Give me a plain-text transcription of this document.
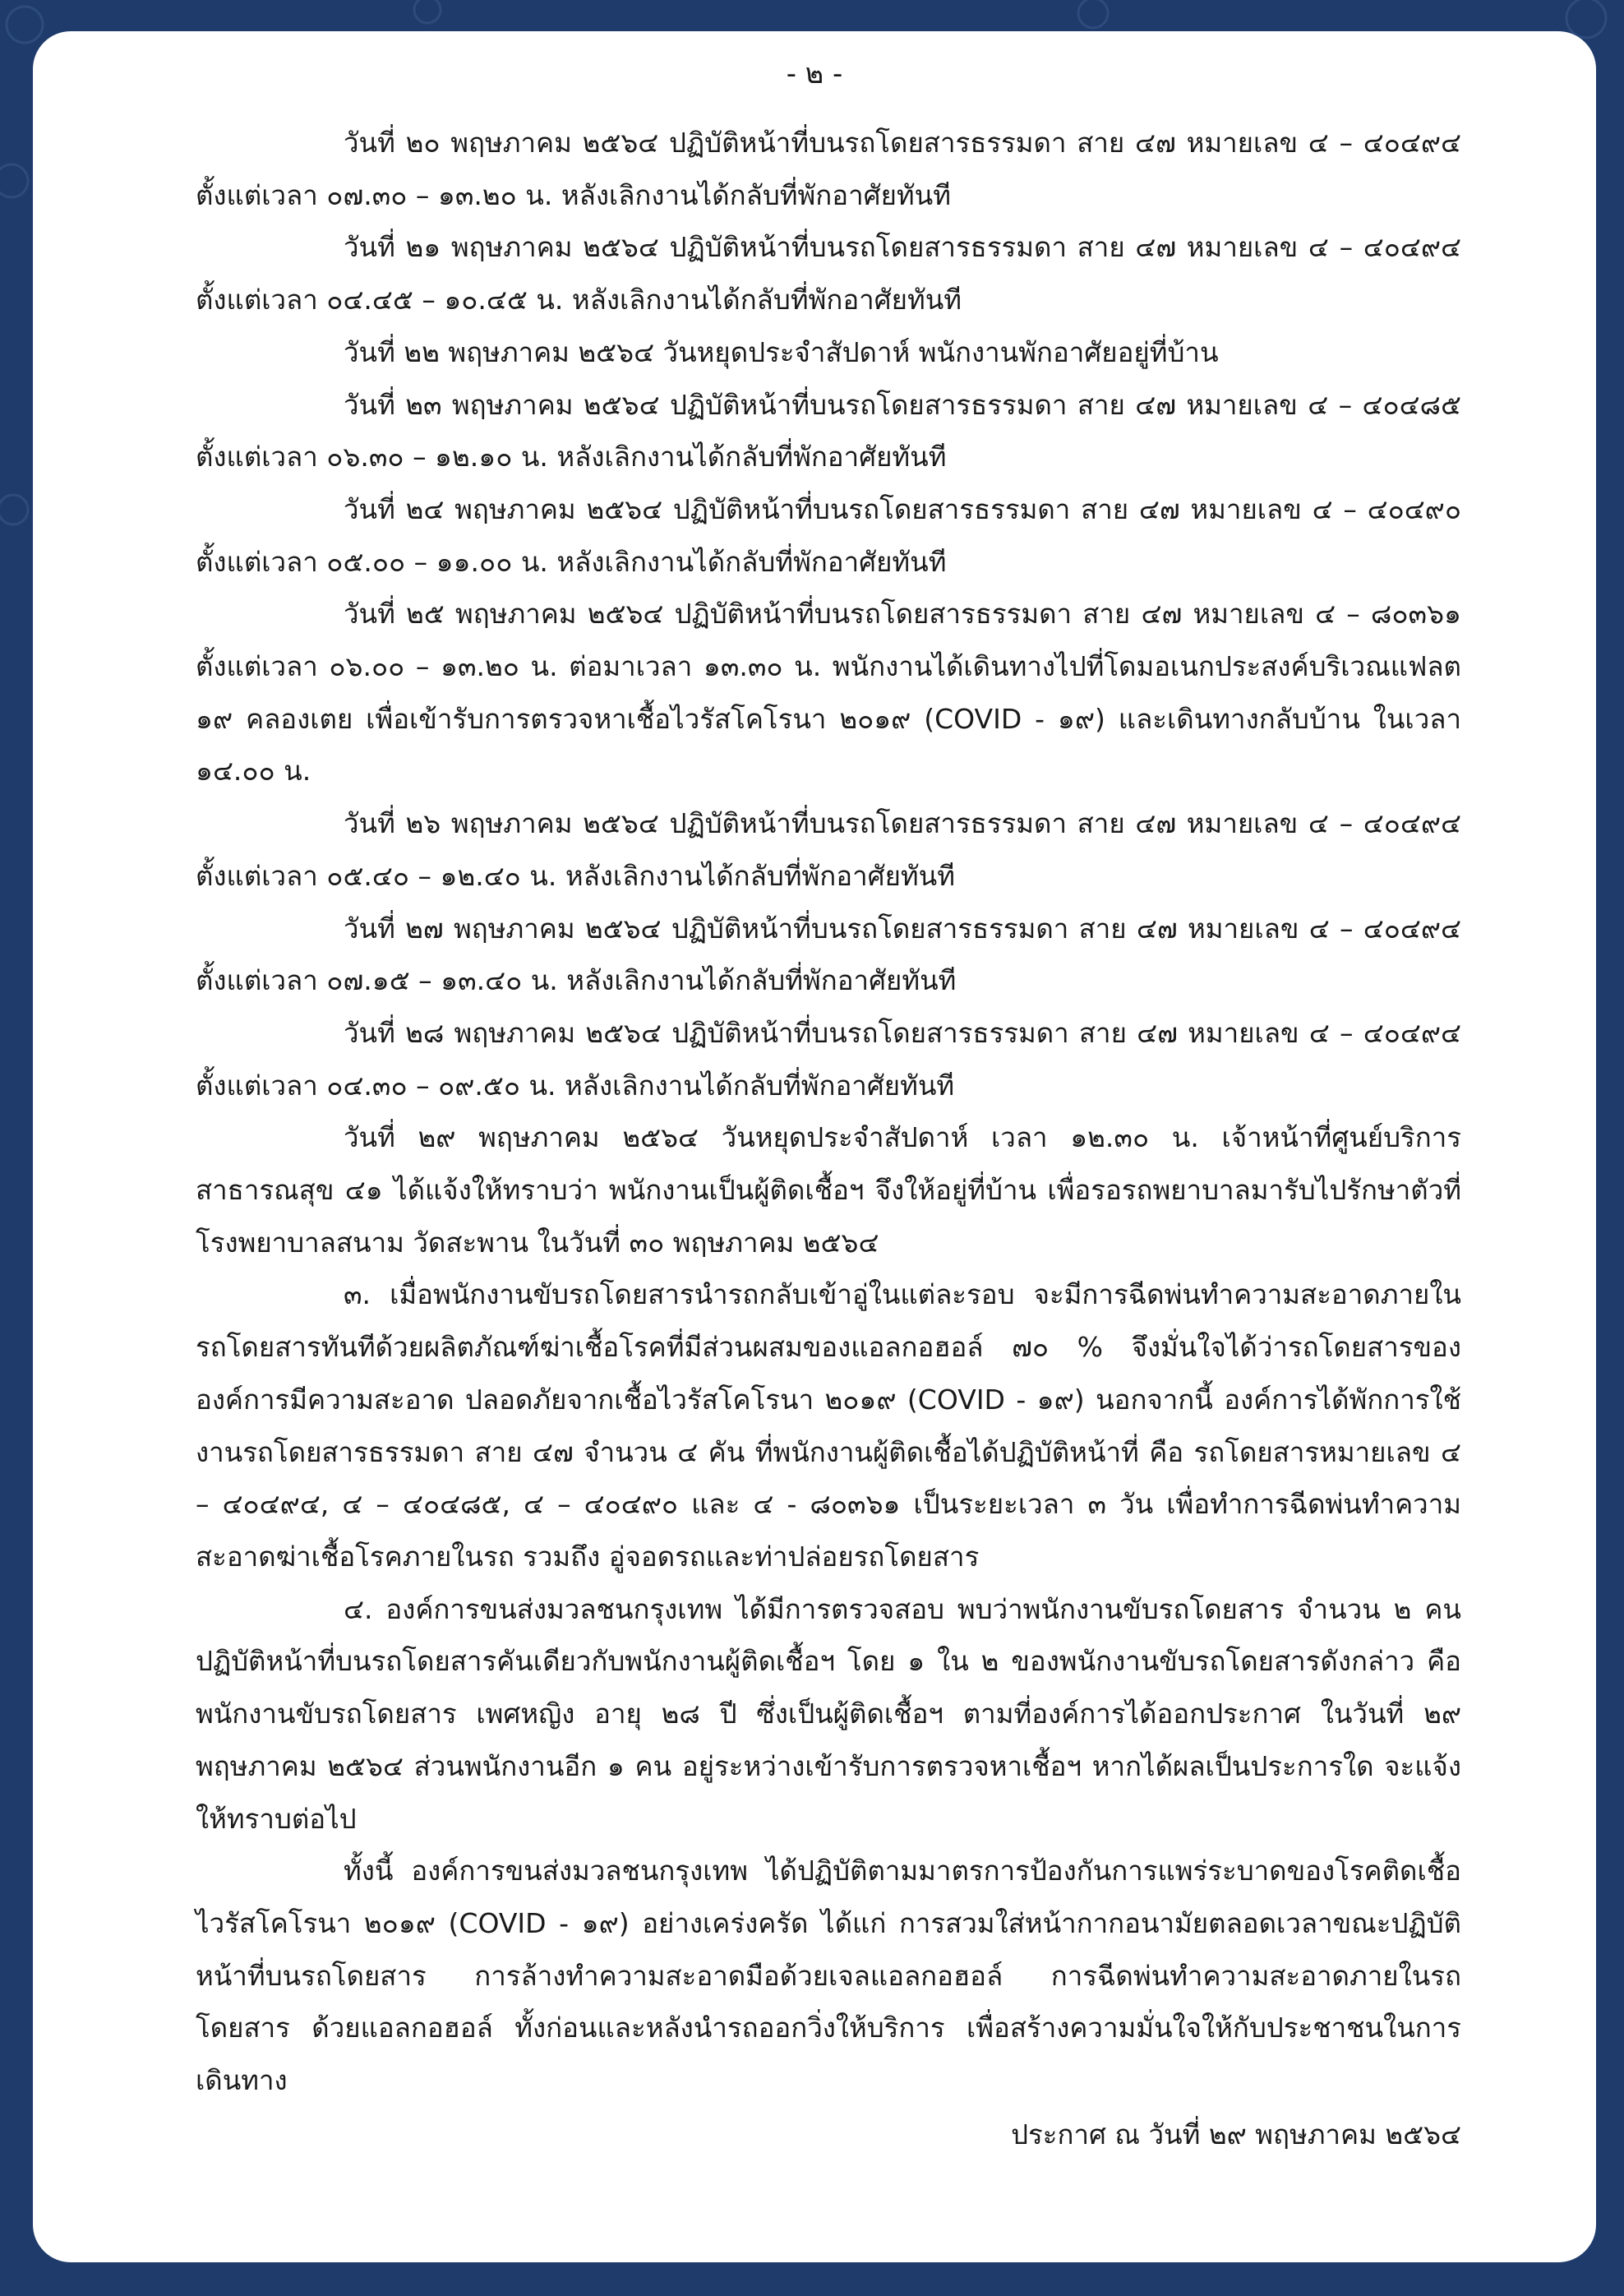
- ๒ -

วันที่ ๒๐ พฤษภาคม ๒๕๖๔ ปฏิบัติหน้าที่บนรถโดยสารธรรมดา สาย ๔๗ หมายเลข ๔ – ๔๐๔๙๔ ตั้งแต่เวลา ๐๗.๓๐ – ๑๓.๒๐ น. หลังเลิกงานได้กลับที่พักอาศัยทันที

วันที่ ๒๑ พฤษภาคม ๒๕๖๔ ปฏิบัติหน้าที่บนรถโดยสารธรรมดา สาย ๔๗ หมายเลข ๔ – ๔๐๔๙๔ ตั้งแต่เวลา ๐๔.๔๕ – ๑๐.๔๕ น. หลังเลิกงานได้กลับที่พักอาศัยทันที

วันที่ ๒๒ พฤษภาคม ๒๕๖๔ วันหยุดประจำสัปดาห์ พนักงานพักอาศัยอยู่ที่บ้าน

วันที่ ๒๓ พฤษภาคม ๒๕๖๔ ปฏิบัติหน้าที่บนรถโดยสารธรรมดา สาย ๔๗ หมายเลข ๔ – ๔๐๔๘๕ ตั้งแต่เวลา ๐๖.๓๐ – ๑๒.๑๐ น. หลังเลิกงานได้กลับที่พักอาศัยทันที

วันที่ ๒๔ พฤษภาคม ๒๕๖๔ ปฏิบัติหน้าที่บนรถโดยสารธรรมดา สาย ๔๗ หมายเลข ๔ – ๔๐๔๙๐ ตั้งแต่เวลา ๐๕.๐๐ – ๑๑.๐๐ น. หลังเลิกงานได้กลับที่พักอาศัยทันที

วันที่ ๒๕ พฤษภาคม ๒๕๖๔ ปฏิบัติหน้าที่บนรถโดยสารธรรมดา สาย ๔๗ หมายเลข ๔ – ๘๐๓๖๑ ตั้งแต่เวลา ๐๖.๐๐ – ๑๓.๒๐ น. ต่อมาเวลา ๑๓.๓๐ น. พนักงานได้เดินทางไปที่โดมอเนกประสงค์บริเวณแฟลต ๑๙ คลองเตย เพื่อเข้ารับการตรวจหาเชื้อไวรัสโคโรนา ๒๐๑๙ (COVID - ๑๙) และเดินทางกลับบ้าน ในเวลา ๑๔.๐๐ น.

วันที่ ๒๖ พฤษภาคม ๒๕๖๔ ปฏิบัติหน้าที่บนรถโดยสารธรรมดา สาย ๔๗ หมายเลข ๔ – ๔๐๔๙๔ ตั้งแต่เวลา ๐๕.๔๐ – ๑๒.๔๐ น. หลังเลิกงานได้กลับที่พักอาศัยทันที

วันที่ ๒๗ พฤษภาคม ๒๕๖๔ ปฏิบัติหน้าที่บนรถโดยสารธรรมดา สาย ๔๗ หมายเลข ๔ – ๔๐๔๙๔ ตั้งแต่เวลา ๐๗.๑๕ – ๑๓.๔๐ น. หลังเลิกงานได้กลับที่พักอาศัยทันที

วันที่ ๒๘ พฤษภาคม ๒๕๖๔ ปฏิบัติหน้าที่บนรถโดยสารธรรมดา สาย ๔๗ หมายเลข ๔ – ๔๐๔๙๔ ตั้งแต่เวลา ๐๔.๓๐ – ๐๙.๕๐ น. หลังเลิกงานได้กลับที่พักอาศัยทันที

วันที่ ๒๙ พฤษภาคม ๒๕๖๔ วันหยุดประจำสัปดาห์ เวลา ๑๒.๓๐ น. เจ้าหน้าที่ศูนย์บริการสาธารณสุข ๔๑ ได้แจ้งให้ทราบว่า พนักงานเป็นผู้ติดเชื้อฯ จึงให้อยู่ที่บ้าน เพื่อรอรถพยาบาลมารับไปรักษาตัวที่โรงพยาบาลสนาม วัดสะพาน ในวันที่ ๓๐ พฤษภาคม ๒๕๖๔

๓. เมื่อพนักงานขับรถโดยสารนำรถกลับเข้าอู่ในแต่ละรอบ จะมีการฉีดพ่นทำความสะอาดภายในรถโดยสารทันทีด้วยผลิตภัณฑ์ฆ่าเชื้อโรคที่มีส่วนผสมของแอลกอฮอล์ ๗๐ % จึงมั่นใจได้ว่ารถโดยสารขององค์การมีความสะอาด ปลอดภัยจากเชื้อไวรัสโคโรนา ๒๐๑๙ (COVID - ๑๙) นอกจากนี้ องค์การได้พักการใช้งานรถโดยสารธรรมดา สาย ๔๗ จำนวน ๔ คัน ที่พนักงานผู้ติดเชื้อได้ปฏิบัติหน้าที่ คือ รถโดยสารหมายเลข ๔ – ๔๐๔๙๔, ๔ – ๔๐๔๘๕, ๔ – ๔๐๔๙๐ และ ๔ - ๘๐๓๖๑ เป็นระยะเวลา ๓ วัน เพื่อทำการฉีดพ่นทำความสะอาดฆ่าเชื้อโรคภายในรถ รวมถึง อู่จอดรถและท่าปล่อยรถโดยสาร

๔. องค์การขนส่งมวลชนกรุงเทพ ได้มีการตรวจสอบ พบว่าพนักงานขับรถโดยสาร จำนวน ๒ คน ปฏิบัติหน้าที่บนรถโดยสารคันเดียวกับพนักงานผู้ติดเชื้อฯ โดย ๑ ใน ๒ ของพนักงานขับรถโดยสารดังกล่าว คือ พนักงานขับรถโดยสาร เพศหญิง อายุ ๒๘ ปี ซึ่งเป็นผู้ติดเชื้อฯ ตามที่องค์การได้ออกประกาศ ในวันที่ ๒๙ พฤษภาคม ๒๕๖๔ ส่วนพนักงานอีก ๑ คน อยู่ระหว่างเข้ารับการตรวจหาเชื้อฯ หากได้ผลเป็นประการใด จะแจ้งให้ทราบต่อไป

ทั้งนี้ องค์การขนส่งมวลชนกรุงเทพ ได้ปฏิบัติตามมาตรการป้องกันการแพร่ระบาดของโรคติดเชื้อไวรัสโคโรนา ๒๐๑๙ (COVID - ๑๙) อย่างเคร่งครัด ได้แก่ การสวมใส่หน้ากากอนามัยตลอดเวลาขณะปฏิบัติหน้าที่บนรถโดยสาร การล้างทำความสะอาดมือด้วยเจลแอลกอฮอล์ การฉีดพ่นทำความสะอาดภายในรถโดยสาร ด้วยแอลกอฮอล์ ทั้งก่อนและหลังนำรถออกวิ่งให้บริการ เพื่อสร้างความมั่นใจให้กับประชาชนในการเดินทาง

ประกาศ ณ วันที่ ๒๙ พฤษภาคม ๒๕๖๔
